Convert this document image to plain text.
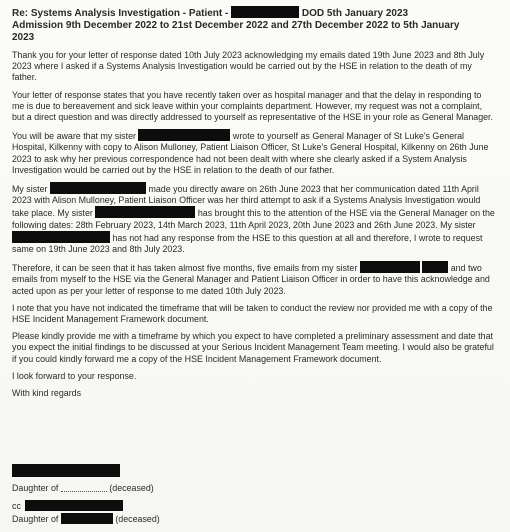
Re: Systems Analysis Investigation - Patient -	DOD 5th January 2023
Admission 9th December 2022 to 21st December 2022 and 27th December 2022 to 5th January
2023

Thank you for your letter of response dated 10th July 2023 acknowledging my emails dated 19th June 2023 and 8th July 2023 where I asked if a Systems Analysis Investigation would be carried out by the HSE in relation to the death of my father.

Your letter of response states that you have recently taken over as hospital manager and that the delay in responding to me is due to bereavement and sick leave within your complaints department. However, my request was not a complaint, but a direct question and was directly addressed to yourself as representative of the HSE in your role as General Manager.

You will be aware that my sister	wrote to yourself as General Manager of St Luke's General Hospital, Kilkenny with copy to Alison Mulloney, Patient Liaison Officer, St Luke's General Hospital, Kilkenny on 26th June 2023 to ask why her previous correspondence had not been dealt with where she clearly asked if a System Analysis Investigation would be carried out by the HSE in relation to the death of our father.

My sister	made you directly aware on 26th June 2023 that her communication dated 11th April 2023 with Alison Mulloney, Patient Liaison Officer was her third attempt to ask if a Systems Analysis Investigation would take place. My sister	has brought this to the attention of the HSE via the General Manager on the following dates: 28th February 2023, 14th March 2023, 11th April 2023, 20th June 2023 and 26th June 2023. My sister  has not had any response from the HSE to this question at all and therefore, I wrote to request same on 19th June 2023 and 8th July 2023.

Therefore, it can be seen that it has taken almost five months, five emails from my sister	and two emails from myself to the HSE via the General Manager and Patient Liaison Officer in order to have this acknowledge and acted upon as per your letter of response to me dated 10th July 2023.

I note that you have not indicated the timeframe that will be taken to conduct the review nor provided me with a copy of the HSE Incident Management Framework document.

Please kindly provide me with a timeframe by which you expect to have completed a preliminary assessment and date that you expect the initial findings to be discussed at your Serious Incident Management Team meeting. I would also be grateful if you could kindly forward me a copy of the HSE Incident Management Framework document.

I look forward to your response.

With kind regards

Daughter of	(deceased)
cc
Daughter of	(deceased)
